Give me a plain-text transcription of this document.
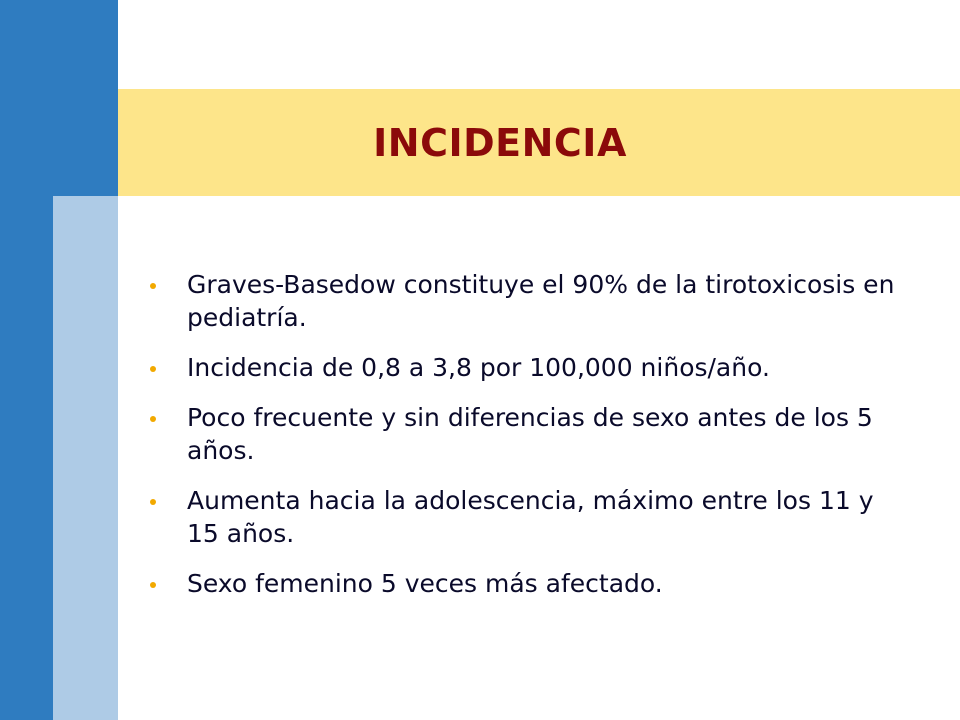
INCIDENCIA
Graves-Basedow constituye el 90% de la tirotoxicosis en pediatría.
Incidencia de 0,8 a 3,8 por 100,000 niños/año.
Poco frecuente y sin diferencias de sexo antes de los 5 años.
Aumenta hacia la adolescencia, máximo entre los 11 y 15 años.
Sexo femenino 5 veces más afectado.
